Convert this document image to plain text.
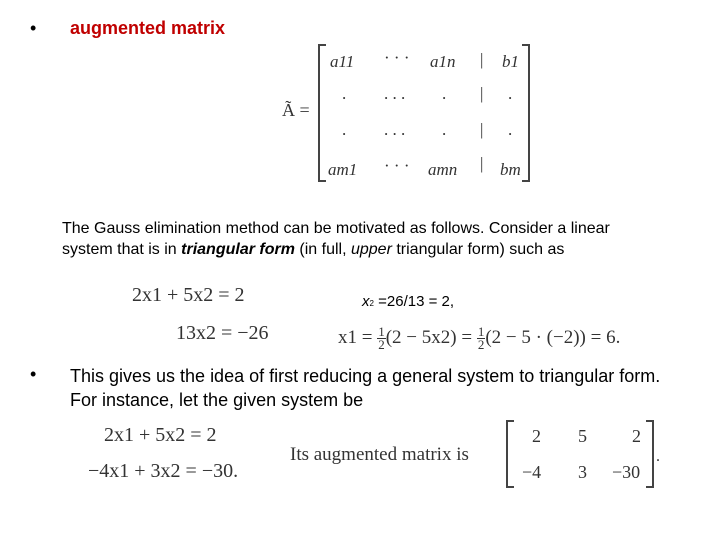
• augmented matrix
Ã =
a11 · · · a1n | b1
. . . . . | .
. . . . . | .
am1 · · · amn | bm
The Gauss elimination method can be motivated as follows. Consider a linear system that is in triangular form (in full, upper triangular form) such as
2x1 + 5x2 = 2
13x2 = −26
x2 =26/13 = 2,
$x1 = \frac{1}{2} (2 - 5x2) = \frac{1}{2} (2 - 5 \cdot (-2)) = 6$.
• This gives us the idea of first reducing a general system to triangular form. For instance, let the given system be
2x1 + 5x2 = 2
−4x1 + 3x2 = −30.
Its augmented matrix is
2 5	2
−4 3 −30
.
